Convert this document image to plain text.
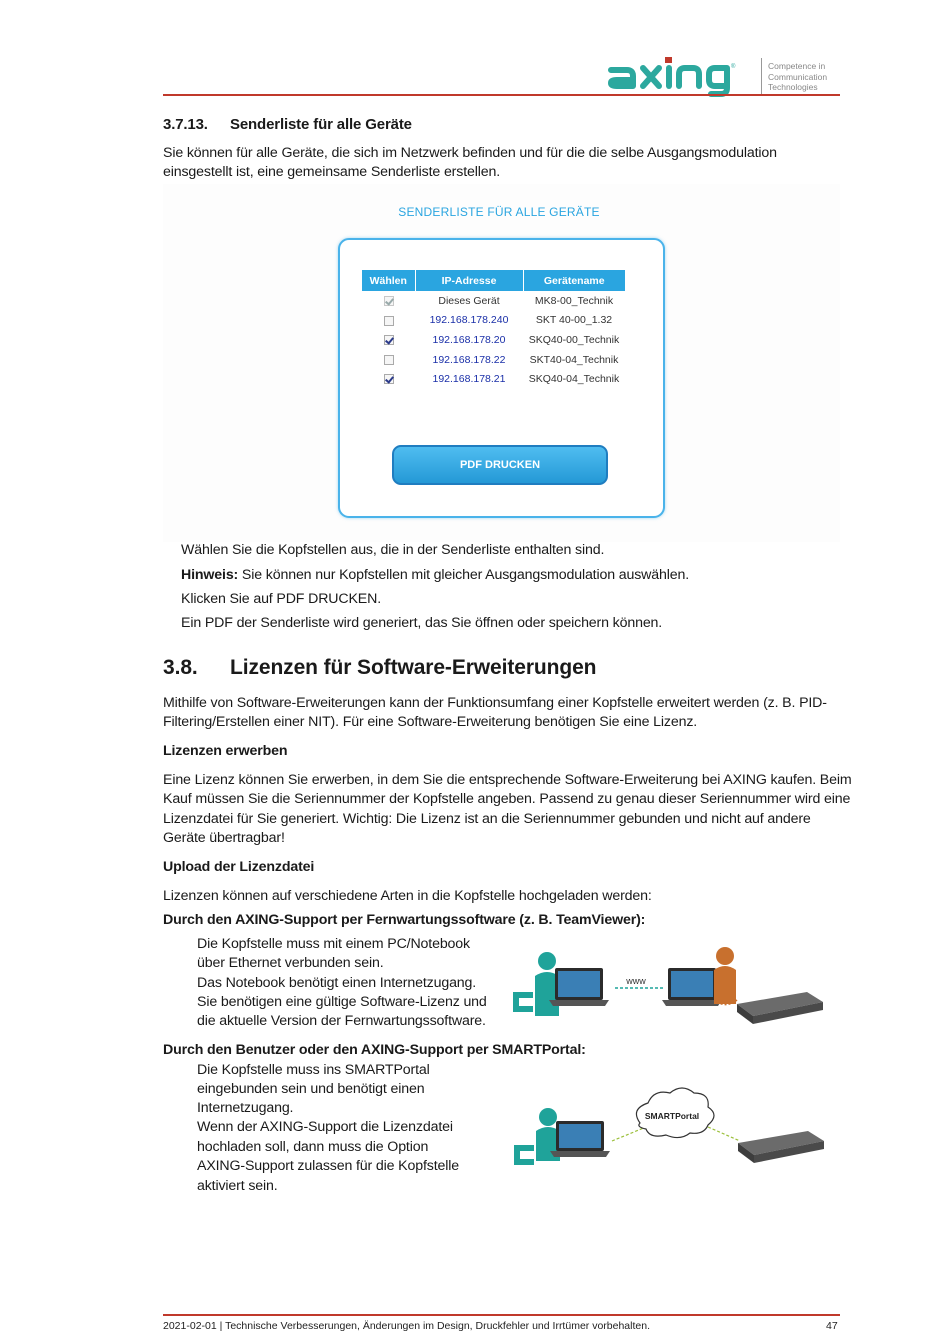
®	Competence in
Communication
Technologies
3.7.13. Senderliste für alle Geräte
Sie können für alle Geräte, die sich im Netzwerk befinden und für die die selbe Ausgangsmodulation
einsgestellt ist, eine gemeinsame Senderliste erstellen.
SENDERLISTE FÜR ALLE GERÄTE
Wählen	IP-Adresse	Gerätename
	Dieses Gerät	MK8-00_Technik
	192.168.178.240	SKT 40-00_1.32
	192.168.178.20	SKQ40-00_Technik
	192.168.178.22	SKT40-04_Technik
	192.168.178.21	SKQ40-04_Technik
PDF DRUCKEN
Wählen Sie die Kopfstellen aus, die in der Senderliste enthalten sind.
Hinweis: Sie können nur Kopfstellen mit gleicher Ausgangsmodulation auswählen.
Klicken Sie auf PDF DRUCKEN.
Ein PDF der Senderliste wird generiert, das Sie öffnen oder speichern können.
3.8. Lizenzen für Software-Erweiterungen
Mithilfe von Software-Erweiterungen kann der Funktionsumfang einer Kopfstelle erweitert werden (z. B. PID-
Filtering/Erstellen einer NIT). Für eine Software-Erweiterung benötigen Sie eine Lizenz.
Lizenzen erwerben
Eine Lizenz können Sie erwerben, in dem Sie die entsprechende Software-Erweiterung bei AXING kaufen. Beim
Kauf müssen Sie die Seriennummer der Kopfstelle angeben. Passend zu genau dieser Seriennummer wird eine
Lizenzdatei für Sie generiert. Wichtig: Die Lizenz ist an die Seriennummer gebunden und nicht auf andere
Geräte übertragbar!
Upload der Lizenzdatei
Lizenzen können auf verschiedene Arten in die Kopfstelle hochgeladen werden:
Durch den AXING-Support per Fernwartungssoftware (z. B. TeamViewer):
Die Kopfstelle muss mit einem PC/Notebook
über Ethernet verbunden sein.
Das Notebook benötigt einen Internetzugang.
Sie benötigen eine gültige Software-Lizenz und
die aktuelle Version der Fernwartungssoftware.
www
Durch den Benutzer oder den AXING-Support per SMARTPortal:
Die Kopfstelle muss ins SMARTPortal
eingebunden sein und benötigt einen
Internetzugang.
Wenn der AXING-Support die Lizenzdatei
hochladen soll, dann muss die Option
AXING-Support zulassen für die Kopfstelle
aktiviert sein.
SMARTPortal
2021-02-01 | Technische Verbesserungen, Änderungen im Design, Druckfehler und Irrtümer vorbehalten.	47
